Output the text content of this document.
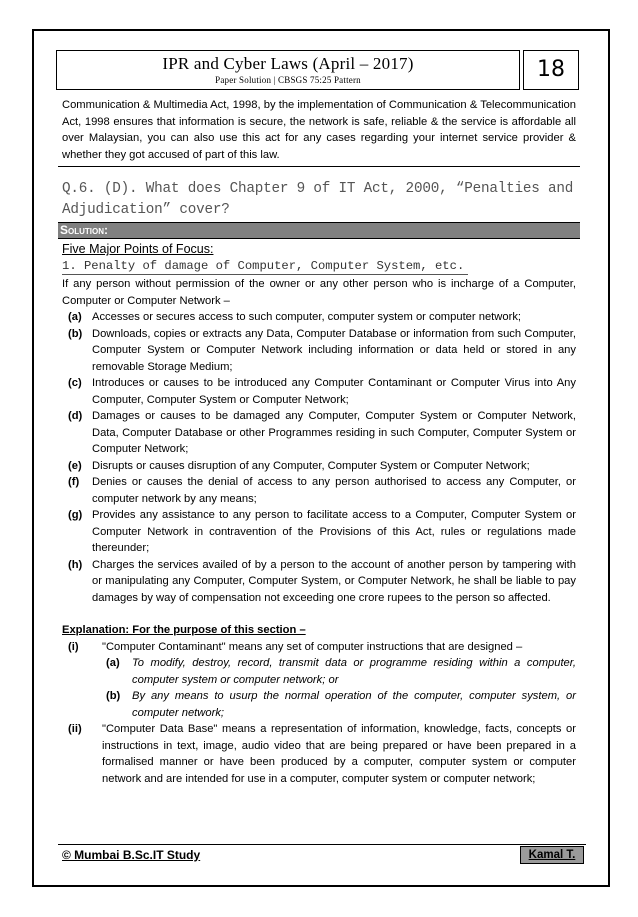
IPR and Cyber Laws (April – 2017)
Paper Solution | CBSGS 75:25 Pattern	18

Communication & Multimedia Act, 1998, by the implementation of Communication & Telecommunication Act, 1998 ensures that information is secure, the network is safe, reliable & the service is affordable all over Malaysian, you can also use this act for any cases regarding your internet service provider & whether they got accused of part of this law.

Q.6. (D). What does Chapter 9 of IT Act, 2000, “Penalties and Adjudication” cover?
Solution:
Five Major Points of Focus:
1. Penalty of damage of Computer, Computer System, etc.

If any person without permission of the owner or any other person who is incharge of a Computer, Computer or Computer Network –

(a) Accesses or secures access to such computer, computer system or computer network;
(b) Downloads, copies or extracts any Data, Computer Database or information from such Computer, Computer System or Computer Network including information or data held or stored in any removable Storage Medium;
(c) Introduces or causes to be introduced any Computer Contaminant or Computer Virus into Any Computer, Computer System or Computer Network;
(d) Damages or causes to be damaged any Computer, Computer System or Computer Network, Data, Computer Database or other Programmes residing in such Computer, Computer System or Computer Network;
(e) Disrupts or causes disruption of any Computer, Computer System or Computer Network;
(f)	Denies or causes the denial of access to any person authorised to access any Computer, or computer network by any means;
(g) Provides any assistance to any person to facilitate access to a Computer, Computer System or Computer Network in contravention of the Provisions of this Act, rules or regulations made thereunder;
(h) Charges the services availed of by a person to the account of another person by tampering with or manipulating any Computer, Computer System, or Computer Network, he shall be liable to pay damages by way of compensation not exceeding one crore rupees to the person so affected.
Explanation: For the purpose of this section –
(i)	"Computer Contaminant" means any set of computer instructions that are designed –
(a)	To modify, destroy, record, transmit data or programme residing within a computer, computer system or computer network; or
(b)	By any means to usurp the normal operation of the computer, computer system, or computer network;
(ii)	"Computer Data Base" means a representation of information, knowledge, facts, concepts or instructions in text, image, audio video that are being prepared or have been prepared in a formalised manner or have been produced by a computer, computer system or computer network and are intended for use in a computer, computer system or computer network;
© Mumbai B.Sc.IT Study	Kamal T.
